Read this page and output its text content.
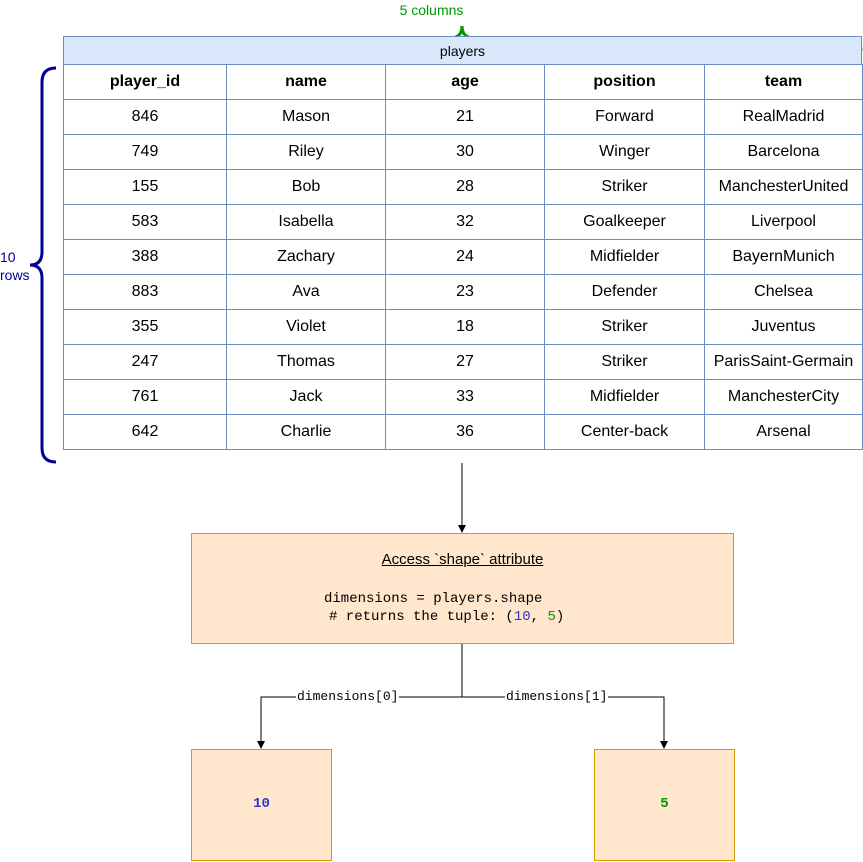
5 columns
10
rows
players
player_id	name	age	position	team
846	Mason	21	Forward	RealMadrid
749	Riley	30	Winger	Barcelona
155	Bob	28	Striker	ManchesterUnited
583	Isabella	32	Goalkeeper	Liverpool
388	Zachary	24	Midfielder	BayernMunich
883	Ava	23	Defender	Chelsea
355	Violet	18	Striker	Juventus
247	Thomas	27	Striker	ParisSaint-Germain
761	Jack	33	Midfielder	ManchesterCity
642	Charlie	36	Center-back	Arsenal
Access `shape` attribute
dimensions = players.shape
# returns the tuple: (10, 5)
dimensions[0]	dimensions[1]
10	5
